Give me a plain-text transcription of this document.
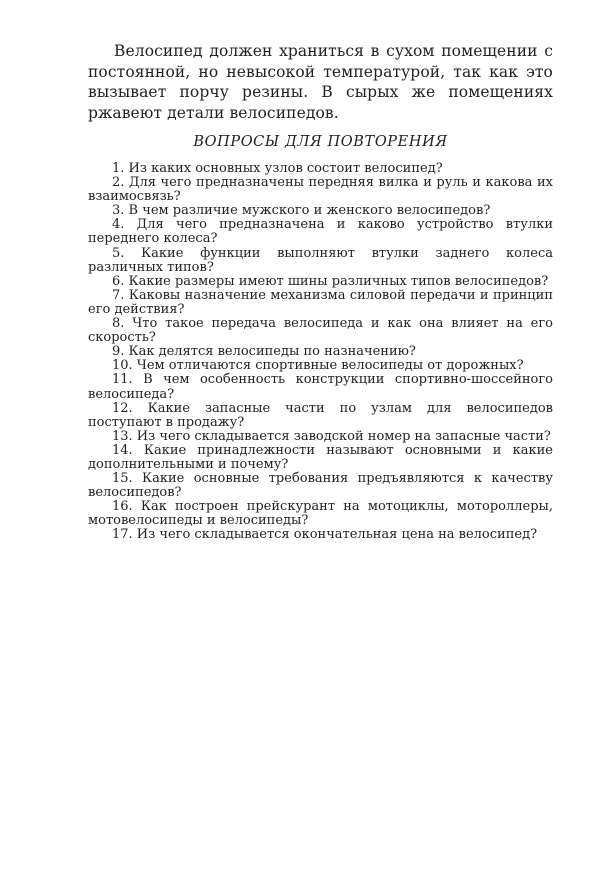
Велосипед должен храниться в сухом помещении с постоянной, но невысокой температурой, так как это вызывает порчу резины. В сырых же помещениях ржавеют детали велосипедов.

ВОПРОСЫ ДЛЯ ПОВТОРЕНИЯ
1. Из каких основных узлов состоит велосипед?
2. Для чего предназначены передняя вилка и руль и какова их взаимосвязь?
3. В чем различие мужского и женского велосипедов?
4. Для чего предназначена и каково устройство втулки переднего колеса?
5. Какие функции выполняют втулки заднего колеса различных типов?
6. Какие размеры имеют шины различных типов велосипедов?
7. Каковы назначение механизма силовой передачи и принцип его действия?
8. Что такое передача велосипеда и как она влияет на его скорость?
9. Как делятся велосипеды по назначению?
10. Чем отличаются спортивные велосипеды от дорожных?
11. В чем особенность конструкции спортивно-шоссейного велосипеда?
12. Какие запасные части по узлам для велосипедов поступают в продажу?
13. Из чего складывается заводской номер на запасные части?
14. Какие принадлежности называют основными и какие дополнительными и почему?
15. Какие основные требования предъявляются к качеству велосипедов?
16. Как построен прейскурант на мотоциклы, мотороллеры, мотовелосипеды и велосипеды?
17. Из чего складывается окончательная цена на велосипед?
